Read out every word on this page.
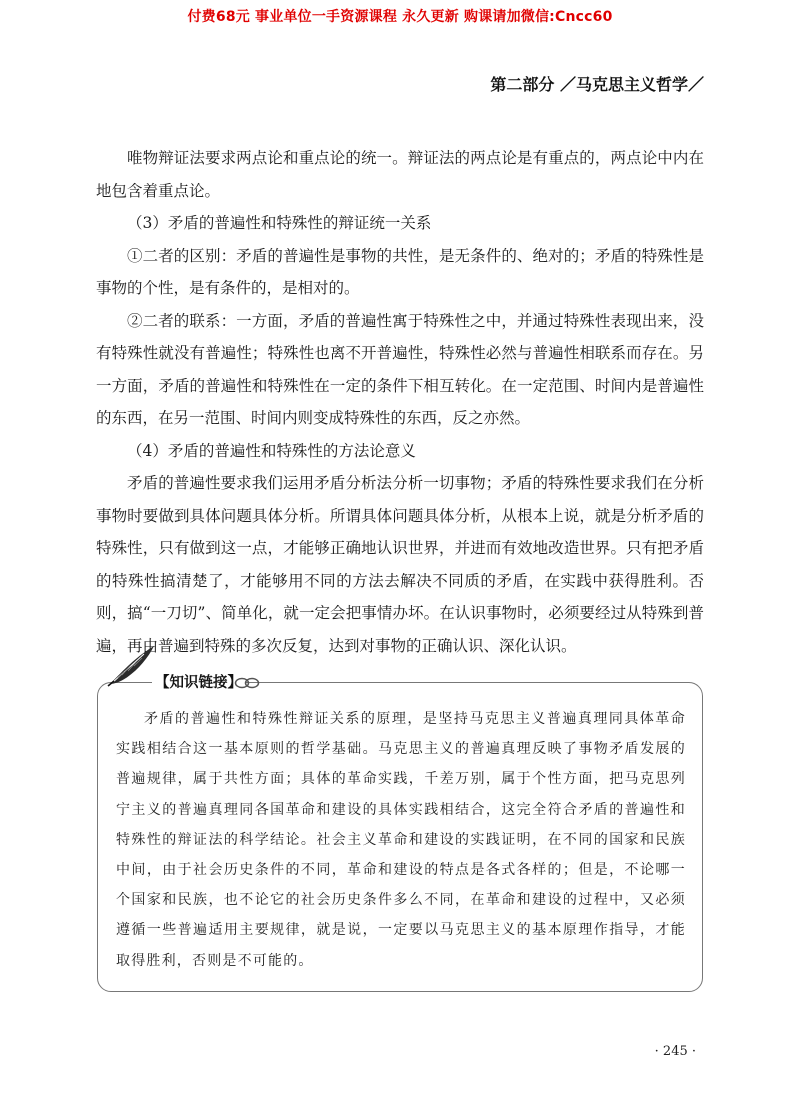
付费68元 事业单位一手资源课程 永久更新 购课请加微信:Cncc60
第二部分 ／马克思主义哲学／

唯物辩证法要求两点论和重点论的统一。辩证法的两点论是有重点的，两点论中内在地包含着重点论。

（3）矛盾的普遍性和特殊性的辩证统一关系

①二者的区别：矛盾的普遍性是事物的共性，是无条件的、绝对的；矛盾的特殊性是事物的个性，是有条件的，是相对的。

②二者的联系：一方面，矛盾的普遍性寓于特殊性之中，并通过特殊性表现出来，没有特殊性就没有普遍性；特殊性也离不开普遍性，特殊性必然与普遍性相联系而存在。另一方面，矛盾的普遍性和特殊性在一定的条件下相互转化。在一定范围、时间内是普遍性的东西，在另一范围、时间内则变成特殊性的东西，反之亦然。

（4）矛盾的普遍性和特殊性的方法论意义

矛盾的普遍性要求我们运用矛盾分析法分析一切事物；矛盾的特殊性要求我们在分析事物时要做到具体问题具体分析。所谓具体问题具体分析，从根本上说，就是分析矛盾的特殊性，只有做到这一点，才能够正确地认识世界，并进而有效地改造世界。只有把矛盾的特殊性搞清楚了，才能够用不同的方法去解决不同质的矛盾，在实践中获得胜利。否则，搞“一刀切”、简单化，就一定会把事情办坏。在认识事物时，必须要经过从特殊到普遍，再由普遍到特殊的多次反复，达到对事物的正确认识、深化认识。

【知识链接】

矛盾的普遍性和特殊性辩证关系的原理，是坚持马克思主义普遍真理同具体革命实践相结合这一基本原则的哲学基础。马克思主义的普遍真理反映了事物矛盾发展的普遍规律，属于共性方面；具体的革命实践，千差万别，属于个性方面，把马克思列宁主义的普遍真理同各国革命和建设的具体实践相结合，这完全符合矛盾的普遍性和特殊性的辩证法的科学结论。社会主义革命和建设的实践证明，在不同的国家和民族中间，由于社会历史条件的不同，革命和建设的特点是各式各样的；但是，不论哪一个国家和民族，也不论它的社会历史条件多么不同，在革命和建设的过程中，又必须遵循一些普遍适用主要规律，就是说，一定要以马克思主义的基本原理作指导，才能取得胜利，否则是不可能的。

· 245 ·
